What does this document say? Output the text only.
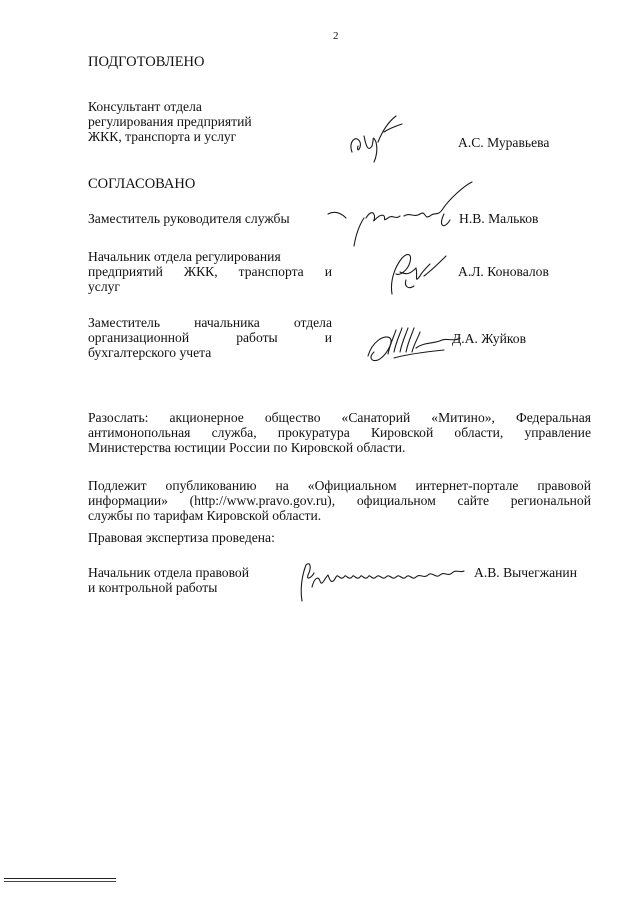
2
ПОДГОТОВЛЕНО
Консультант отдела
регулирования предприятий
ЖКК, транспорта и услуг	А.С. Муравьева
СОГЛАСОВАНО
Заместитель руководителя службы	Н.В. Мальков
Начальник отдела регулирования
предприятий ЖКК, транспорта и
услуг
А.Л. Коновалов
Заместитель начальника отдела
организационной работы и
бухгалтерского учета
Д.А. Жуйков
Разослать: акционерное общество «Санаторий «Митино», Федеральная
антимонопольная служба, прокуратура Кировской области, управление
Министерства юстиции России по Кировской области.
Подлежит опубликованию на «Официальном интернет-портале правовой
информации» (http://www.pravo.gov.ru), официальном сайте региональной
службы по тарифам Кировской области.
Правовая экспертиза проведена:
Начальник отдела правовой
и контрольной работы
А.В. Вычегжанин
